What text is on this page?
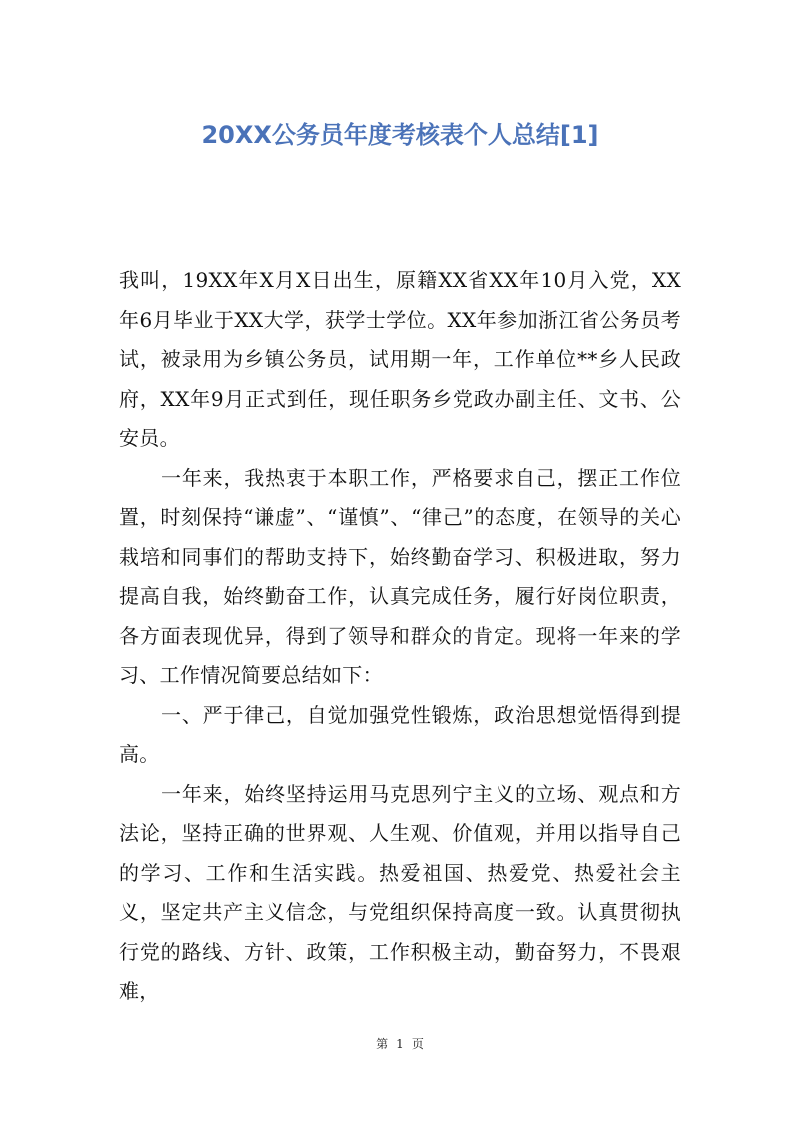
20XX公务员年度考核表个人总结[1]

我叫，19XX年X月X日出生，原籍XX省XX年10月入党，XX年6月毕业于XX大学，获学士学位。XX年参加浙江省公务员考试，被录用为乡镇公务员，试用期一年，工作单位**乡人民政府，XX年9月正式到任，现任职务乡党政办副主任、文书、公安员。

一年来，我热衷于本职工作，严格要求自己，摆正工作位置，时刻保持“谦虚”、“谨慎”、“律己”的态度，在领导的关心栽培和同事们的帮助支持下，始终勤奋学习、积极进取，努力提高自我，始终勤奋工作，认真完成任务，履行好岗位职责，各方面表现优异，得到了领导和群众的肯定。现将一年来的学习、工作情况简要总结如下：

一、严于律己，自觉加强党性锻炼，政治思想觉悟得到提高。

一年来，始终坚持运用马克思列宁主义的立场、观点和方法论，坚持正确的世界观、人生观、价值观，并用以指导自己的学习、工作和生活实践。热爱祖国、热爱党、热爱社会主义，坚定共产主义信念，与党组织保持高度一致。认真贯彻执行党的路线、方针、政策，工作积极主动，勤奋努力，不畏艰难，

第 1 页
